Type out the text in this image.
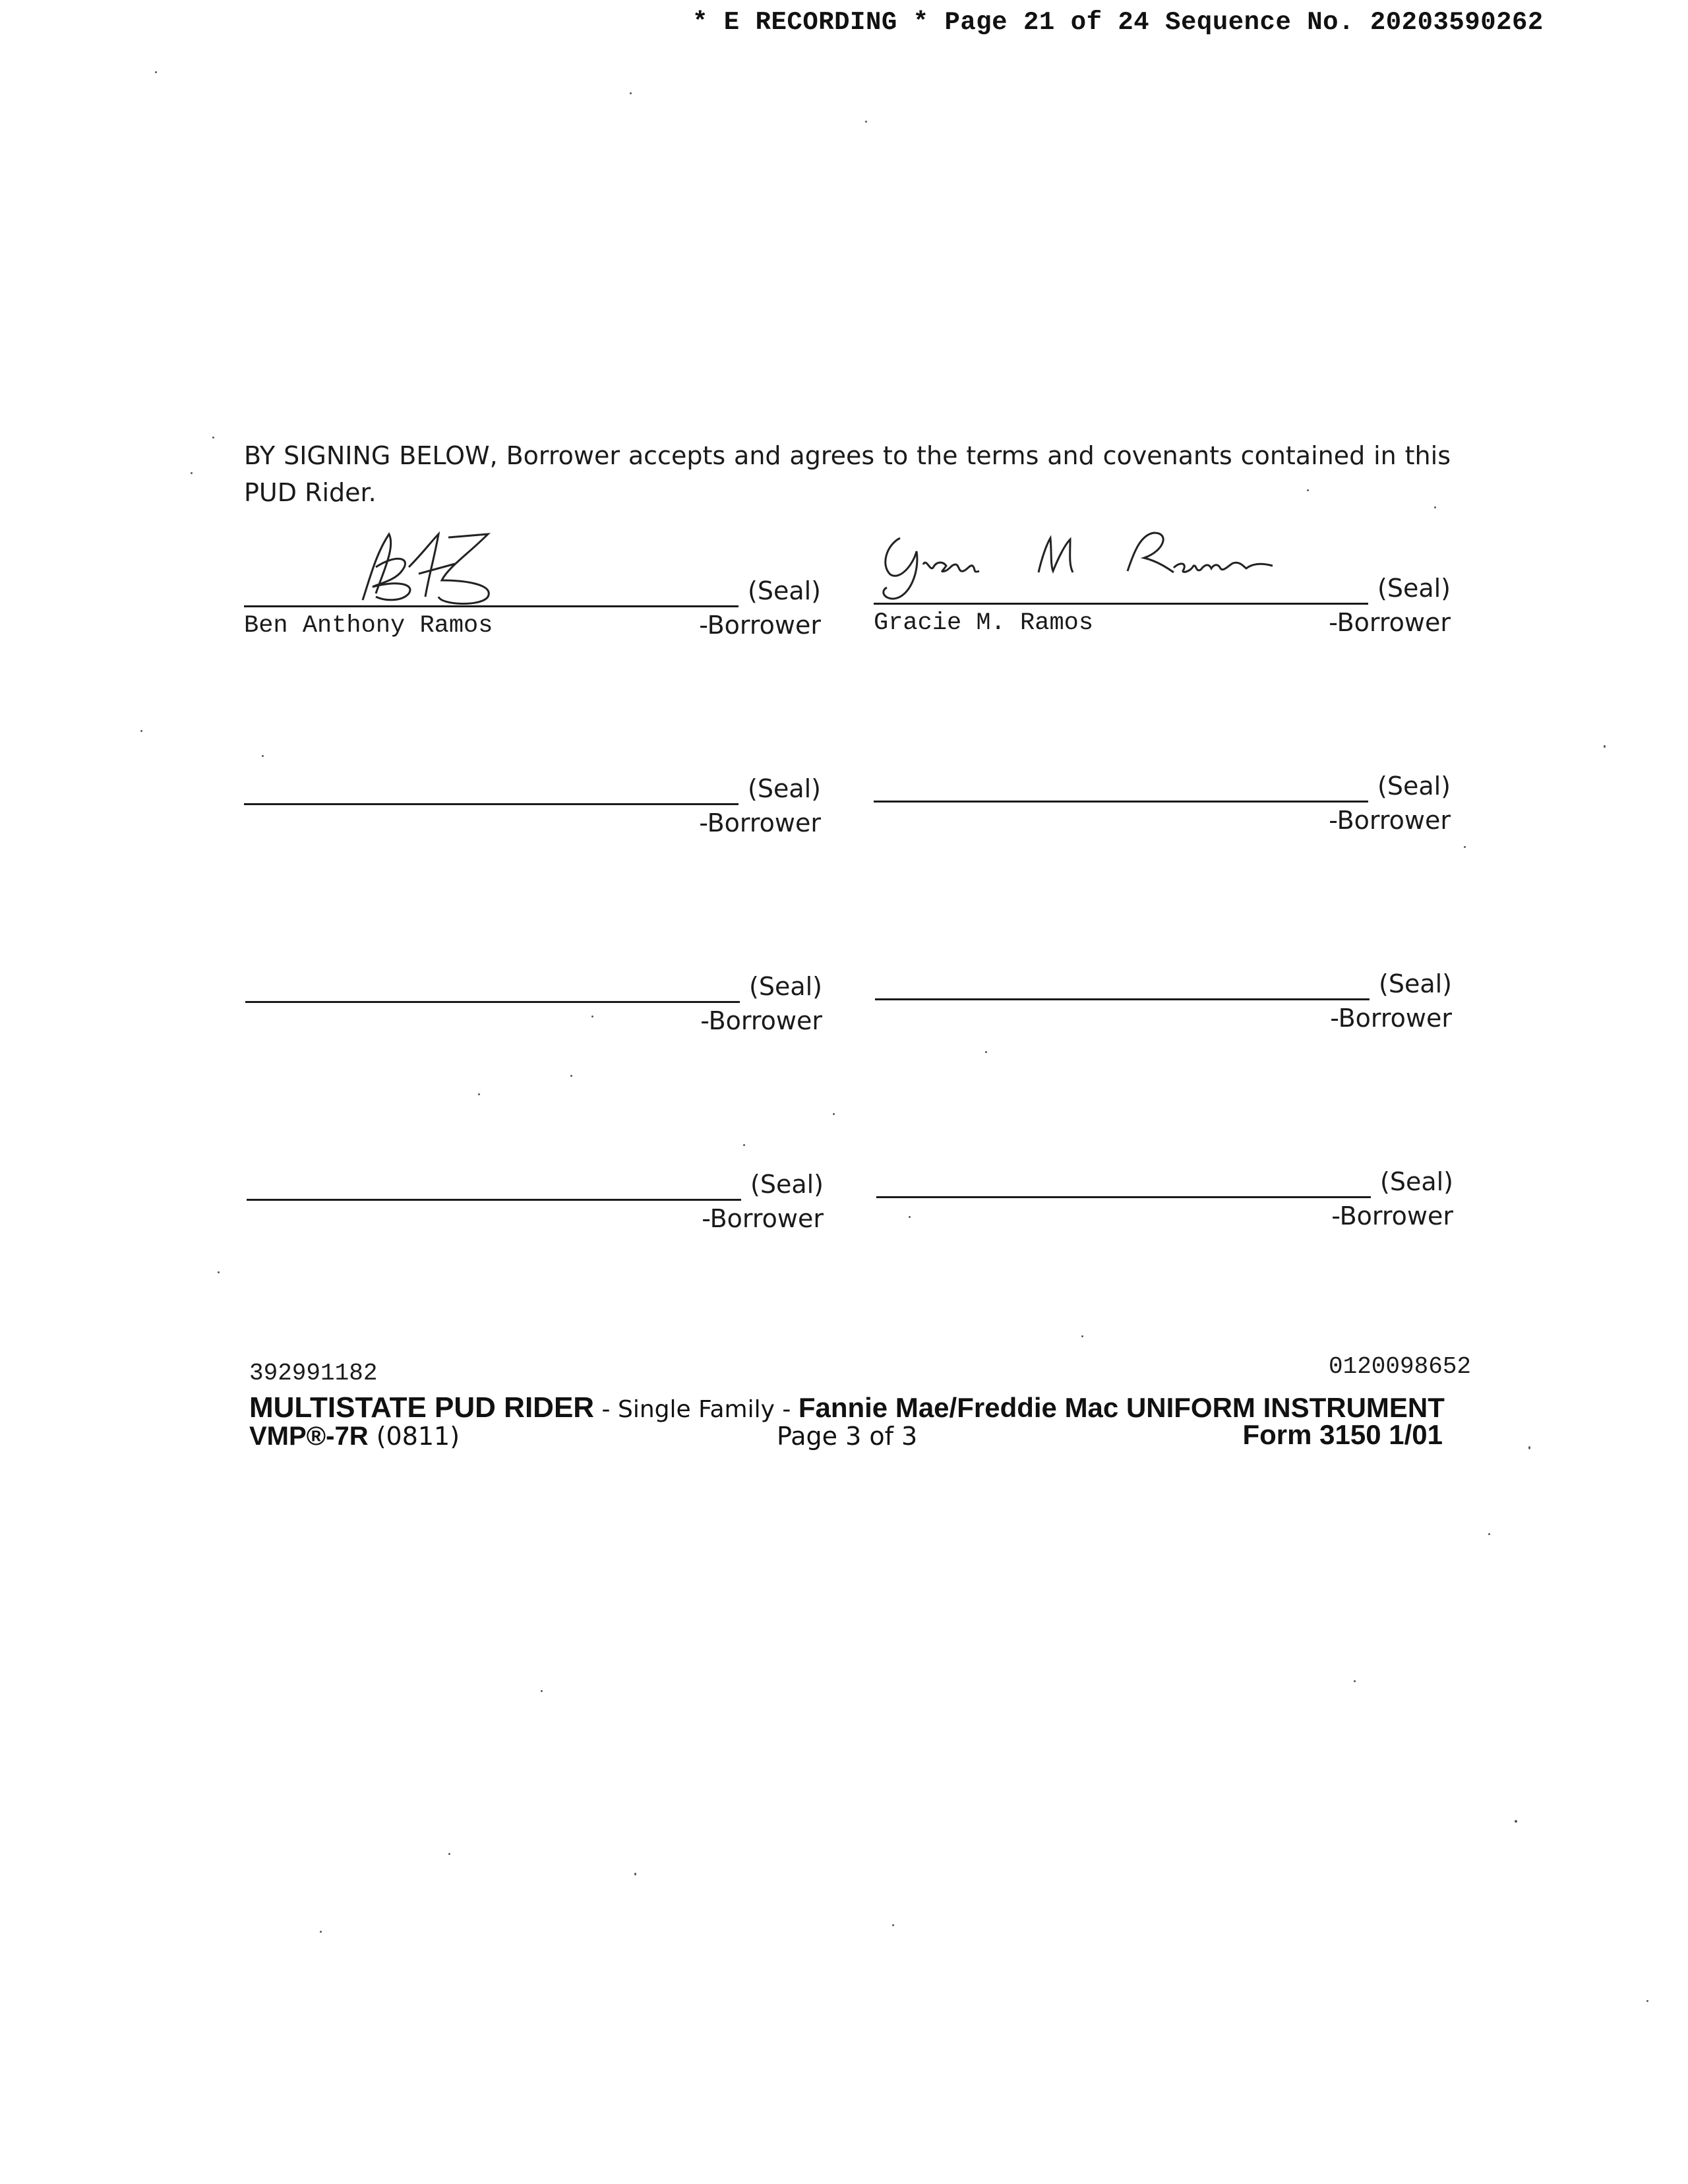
* E RECORDING * Page 21 of 24 Sequence No. 20203590262
BY SIGNING BELOW, Borrower accepts and agrees to the terms and covenants contained in this PUD Rider.
(Seal)
-Borrower
Ben Anthony Ramos
(Seal)
-Borrower
Gracie M. Ramos
(Seal)
-Borrower
(Seal)
-Borrower
(Seal)
-Borrower
(Seal)
-Borrower
(Seal)
-Borrower
(Seal)
-Borrower
392991182	0120098652
MULTISTATE PUD RIDER - Single Family - Fannie Mae/Freddie Mac UNIFORM INSTRUMENT
VMP®-7R (0811)	Page 3 of 3	Form 3150 1/01
